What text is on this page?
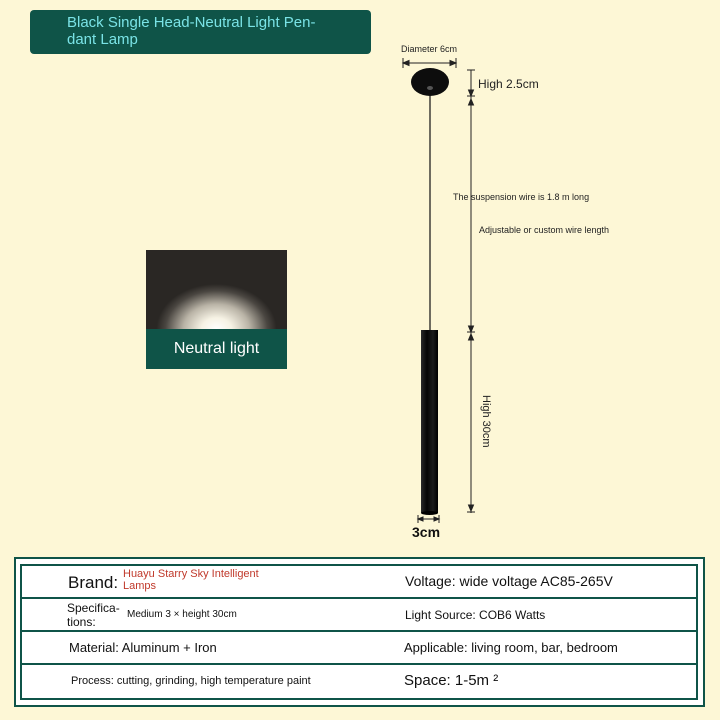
Black Single Head-Neutral Light Pen-
dant Lamp
Neutral light
Diameter 6cm
High 2.5cm
The suspension wire is 1.8 m long
Adjustable or custom wire length
High 30cm
3cm
Brand: Huayu Starry Sky Intelligent Lamps	Voltage: wide voltage AC85-265V
Specifica-
tions:
Medium 3 × height 30cm	Light Source: COB6 Watts
Material: Aluminum + Iron	Applicable: living room, bar, bedroom
Process: cutting, grinding, high temperature paint	Space: 1-5m ²
